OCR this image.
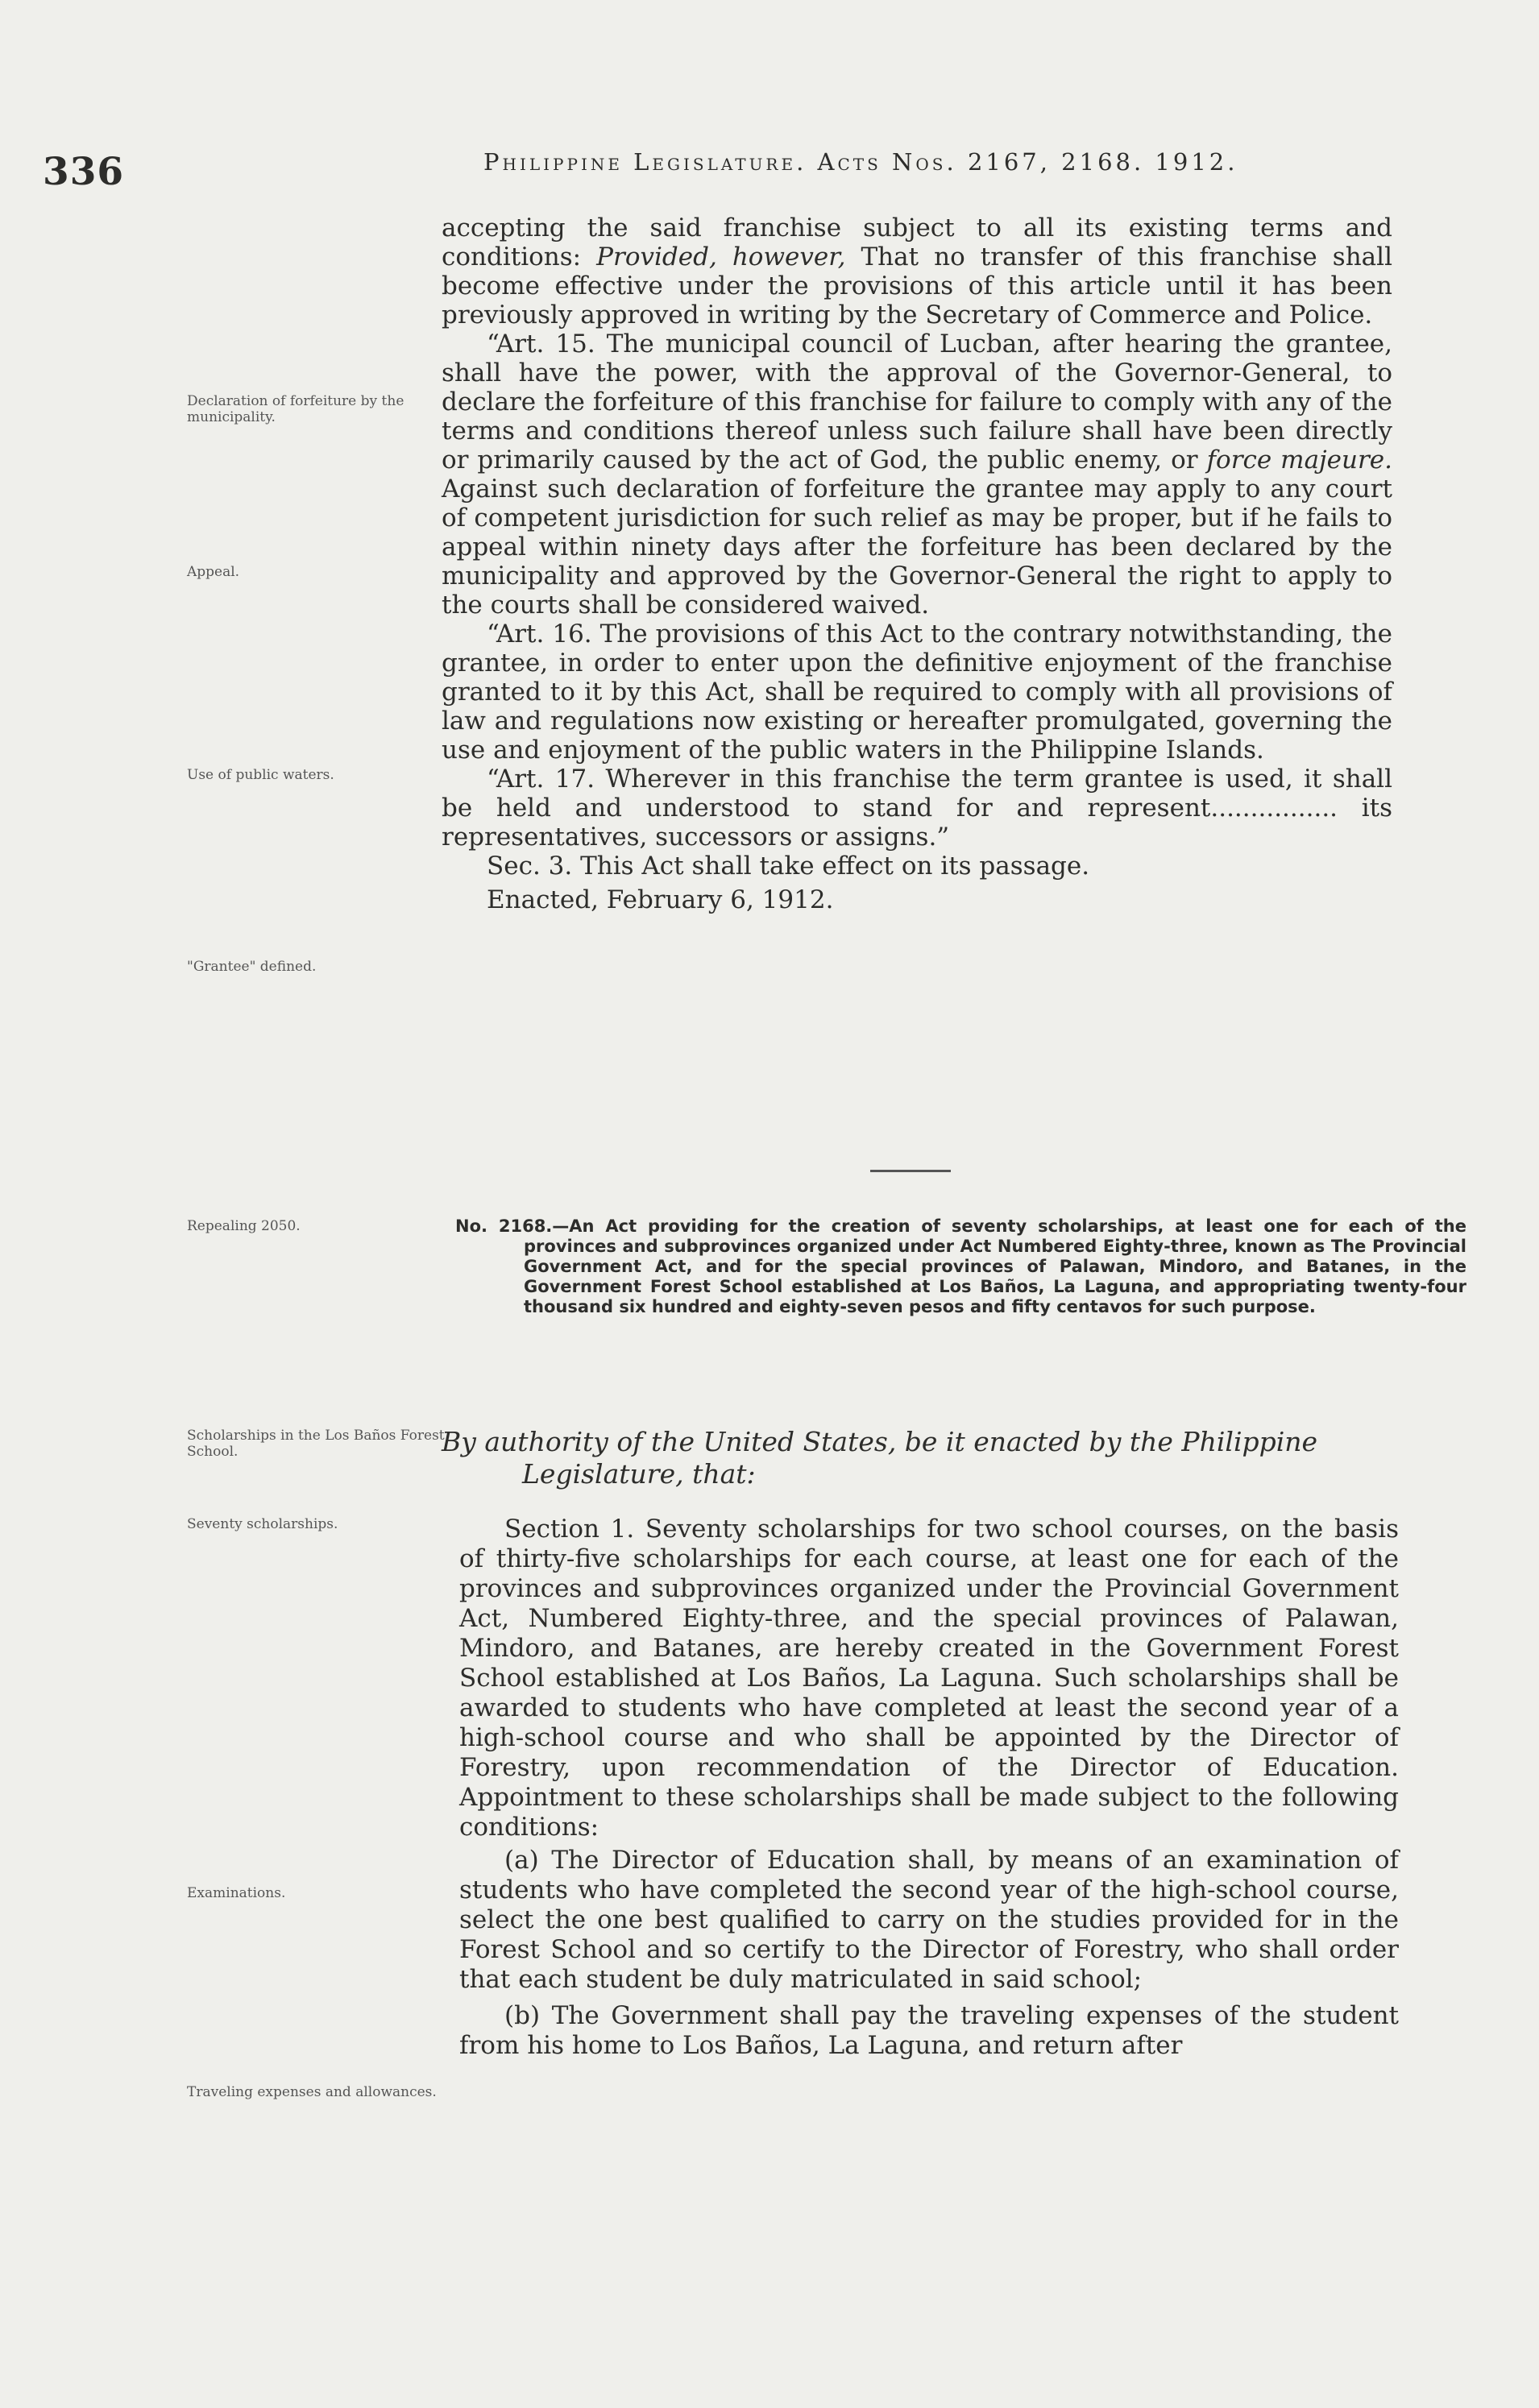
336	Philippine Legislature. Acts Nos. 2167, 2168. 1912.
Declaration of forfeiture by the municipality.
Appeal.
Use of public waters.
"Grantee" defined.
Repealing 2050.
Scholarships in the Los Baños Forest School.
Seventy scholarships.
Examinations.
Traveling expenses and allowances.

accepting the said franchise subject to all its existing terms and conditions: Provided, however, That no transfer of this franchise shall become effective under the provisions of this article until it has been previously approved in writing by the Secretary of Commerce and Police.

“Art. 15. The municipal council of Lucban, after hearing the grantee, shall have the power, with the approval of the Governor-General, to declare the forfeiture of this franchise for failure to comply with any of the terms and conditions thereof unless such failure shall have been directly or primarily caused by the act of God, the public enemy, or force majeure. Against such declaration of forfeiture the grantee may apply to any court of competent jurisdiction for such relief as may be proper, but if he fails to appeal within ninety days after the forfeiture has been declared by the municipality and approved by the Governor-General the right to apply to the courts shall be considered waived.

“Art. 16. The provisions of this Act to the contrary notwithstanding, the grantee, in order to enter upon the definitive enjoyment of the franchise granted to it by this Act, shall be required to comply with all provisions of law and regulations now existing or hereafter promulgated, governing the use and enjoyment of the public waters in the Philippine Islands.

“Art. 17. Wherever in this franchise the term grantee is used, it shall be held and understood to stand for and represent................ its representatives, successors or assigns.”

Sec. 3. This Act shall take effect on its passage.

Enacted, February 6, 1912.

No. 2168.—An Act providing for the creation of seventy scholarships, at least one for each of the provinces and subprovinces organized under Act Numbered Eighty-three, known as The Provincial Government Act, and for the special provinces of Palawan, Mindoro, and Batanes, in the Government Forest School established at Los Baños, La Laguna, and appropriating twenty-four thousand six hundred and eighty-seven pesos and fifty centavos for such purpose.
By authority of the United States, be it enacted by the Philippine Legislature, that:

Section 1. Seventy scholarships for two school courses, on the basis of thirty-five scholarships for each course, at least one for each of the provinces and subprovinces organized under the Provincial Government Act, Numbered Eighty-three, and the special provinces of Palawan, Mindoro, and Batanes, are hereby created in the Government Forest School established at Los Baños, La Laguna. Such scholarships shall be awarded to students who have completed at least the second year of a high-school course and who shall be appointed by the Director of Forestry, upon recommendation of the Director of Education. Appointment to these scholarships shall be made subject to the following conditions:

(a) The Director of Education shall, by means of an examination of students who have completed the second year of the high-school course, select the one best qualified to carry on the studies provided for in the Forest School and so certify to the Director of Forestry, who shall order that each student be duly matriculated in said school;

(b) The Government shall pay the traveling expenses of the student from his home to Los Baños, La Laguna, and return after
